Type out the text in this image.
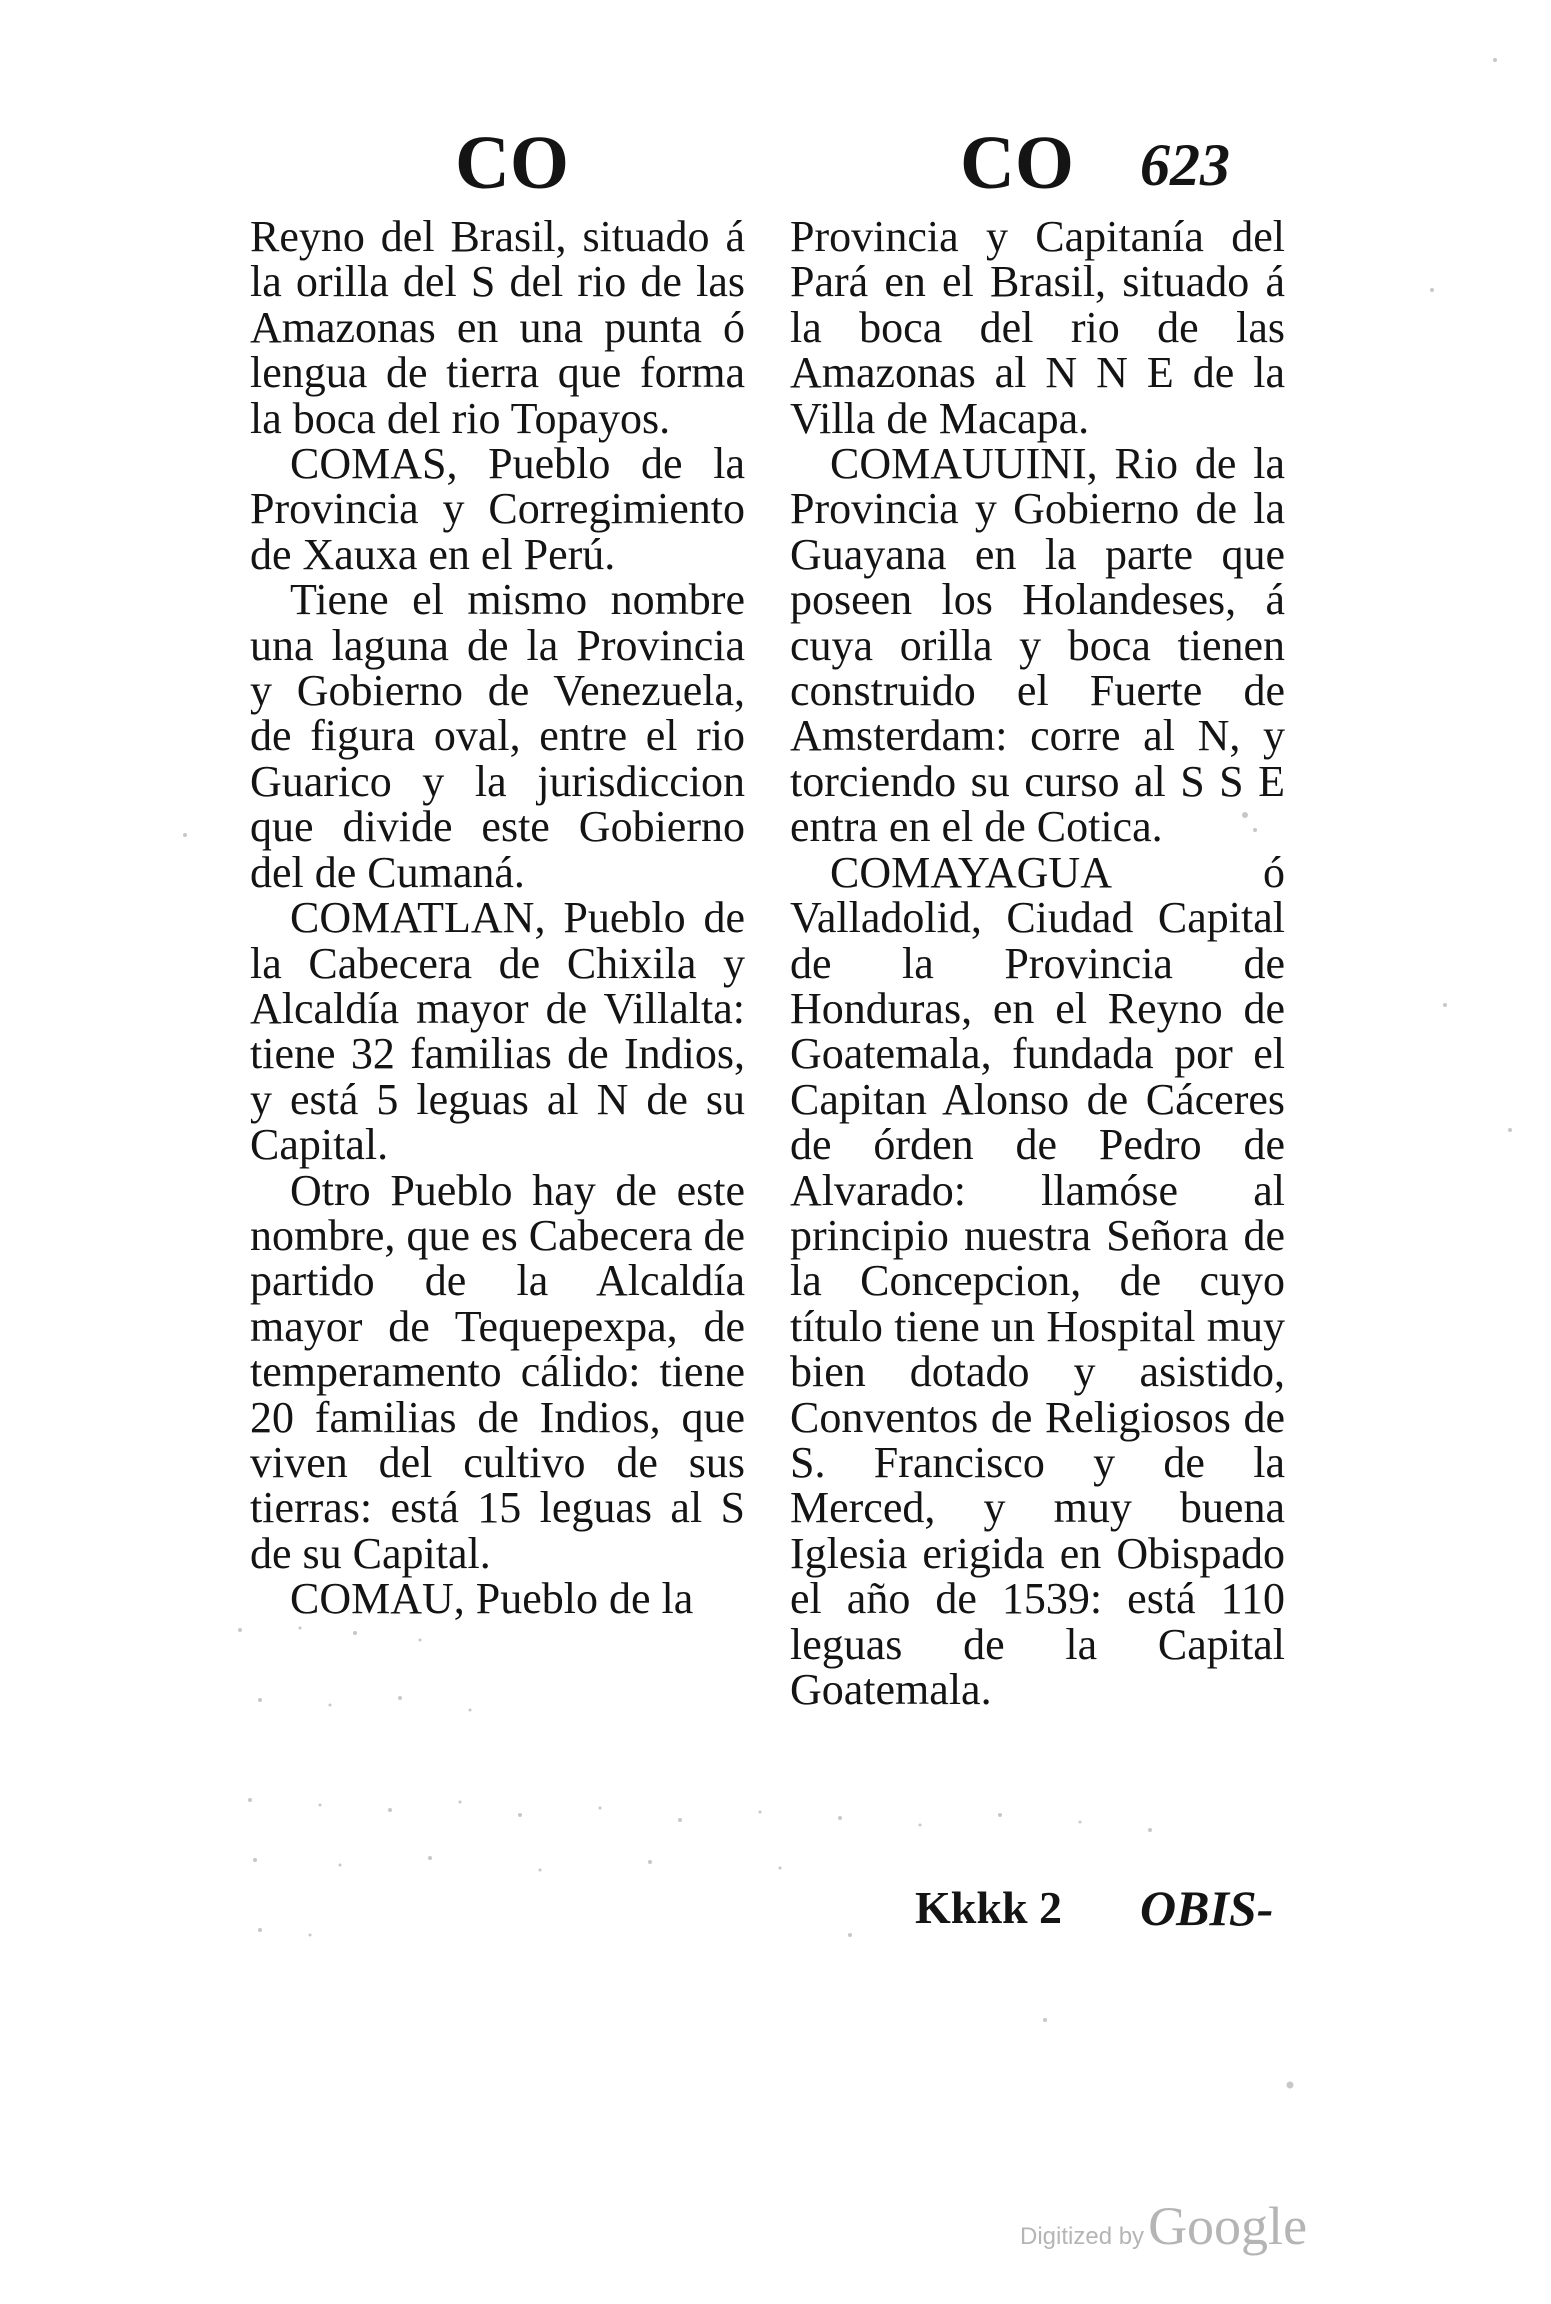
CO	CO 623

Reyno del Brasil, situado á la orilla del S del rio de las Amazonas en una punta ó lengua de tierra que forma la boca del rio Topayos.

COMAS, Pueblo de la Provincia y Corregimiento de Xauxa en el Perú.

Tiene el mismo nombre una laguna de la Provincia y Gobierno de Venezuela, de figura oval, entre el rio Guarico y la jurisdiccion que divide este Gobierno del de Cumaná.

COMATLAN, Pueblo de la Cabecera de Chixila y Alcaldía mayor de Villalta: tiene 32 familias de Indios, y está 5 leguas al N de su Capital.

Otro Pueblo hay de este nombre, que es Cabecera de partido de la Alcaldía mayor de Tequepexpa, de temperamento cálido: tiene 20 familias de Indios, que viven del cultivo de sus tierras: está 15 leguas al S de su Capital.

COMAU, Pueblo de la

Provincia y Capitanía del Pará en el Brasil, situado á la boca del rio de las Amazonas al N N E de la Villa de Macapa.

COMAUUINI, Rio de la Provincia y Gobierno de la Guayana en la parte que poseen los Holandeses, á cuya orilla y boca tienen construido el Fuerte de Amsterdam: corre al N, y torciendo su curso al S S E entra en el de Cotica.

COMAYAGUA ó Valladolid, Ciudad Capital de la Provincia de Honduras, en el Reyno de Goatemala, fundada por el Capitan Alonso de Cáceres de órden de Pedro de Alvarado: llamóse al principio nuestra Señora de la Concepcion, de cuyo título tiene un Hospital muy bien dotado y asistido, Conventos de Religiosos de S. Francisco y de la Merced, y muy buena Iglesia erigida en Obispado el año de 1539: está 110 leguas de la Capital Goatemala.

Kkkk 2 OBIS-
Digitized by Google
